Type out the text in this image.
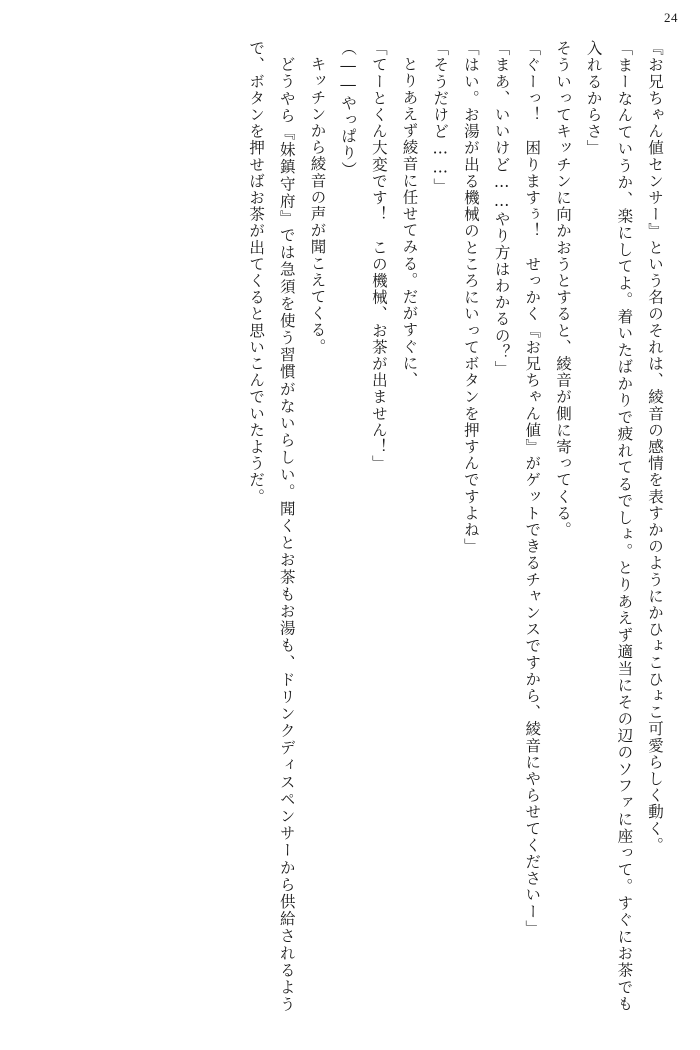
24

『お兄ちゃん値センサー』という名のそれは、綾音の感情を表すかのようにかひょこひょこ可愛らしく動く。

「まーなんていうか、楽にしてよ。着いたばかりで疲れてるでしょ。とりあえず適当にその辺のソファに座って。すぐにお茶でも入れるからさ」

そういってキッチンに向かおうとすると、綾音が側に寄ってくる。

「ぐーっ！　困りますぅ！　せっかく『お兄ちゃん値』がゲットできるチャンスですから、綾音にやらせてくださいー」

「まあ、いいけど……やり方はわかるの？」

「はい。お湯が出る機械のところにいってボタンを押すんですよね」

「そうだけど……」

とりあえず綾音に任せてみる。だがすぐに、

「てーとくん大変です！　この機械、お茶が出ません！」

（――やっぱり）

キッチンから綾音の声が聞こえてくる。

どうやら『妹鎮守府』では急須を使う習慣がないらしい。聞くとお茶もお湯も、ドリンクディスペンサーから供給されるようで、ボタンを押せばお茶が出てくると思いこんでいたようだ。
